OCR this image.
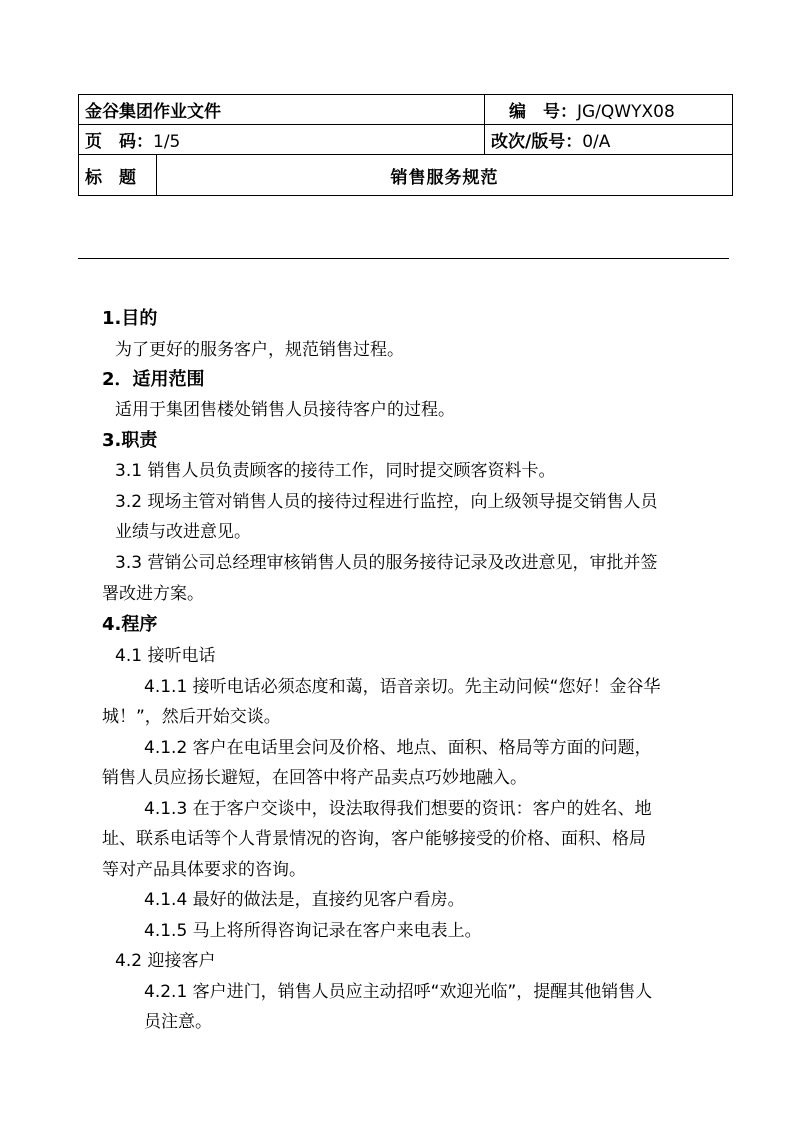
金谷集团作业文件		编　号：JG/QWYX08
页　码：1/5		改次/版号：0/A
标　题	销售服务规范	
1.目的
为了更好的服务客户，规范销售过程。
2．适用范围
适用于集团售楼处销售人员接待客户的过程。
3.职责
3.1 销售人员负责顾客的接待工作，同时提交顾客资料卡。
3.2 现场主管对销售人员的接待过程进行监控，向上级领导提交销售人员
业绩与改进意见。
3.3 营销公司总经理审核销售人员的服务接待记录及改进意见，审批并签
署改进方案。
4.程序
4.1 接听电话
4.1.1 接听电话必须态度和蔼，语音亲切。先主动问候“您好！金谷华
城！”，然后开始交谈。
4.1.2 客户在电话里会问及价格、地点、面积、格局等方面的问题，
销售人员应扬长避短，在回答中将产品卖点巧妙地融入。
4.1.3 在于客户交谈中，设法取得我们想要的资讯：客户的姓名、地
址、联系电话等个人背景情况的咨询，客户能够接受的价格、面积、格局
等对产品具体要求的咨询。
4.1.4 最好的做法是，直接约见客户看房。
4.1.5 马上将所得咨询记录在客户来电表上。
4.2 迎接客户
4.2.1 客户进门，销售人员应主动招呼“欢迎光临”，提醒其他销售人
员注意。
